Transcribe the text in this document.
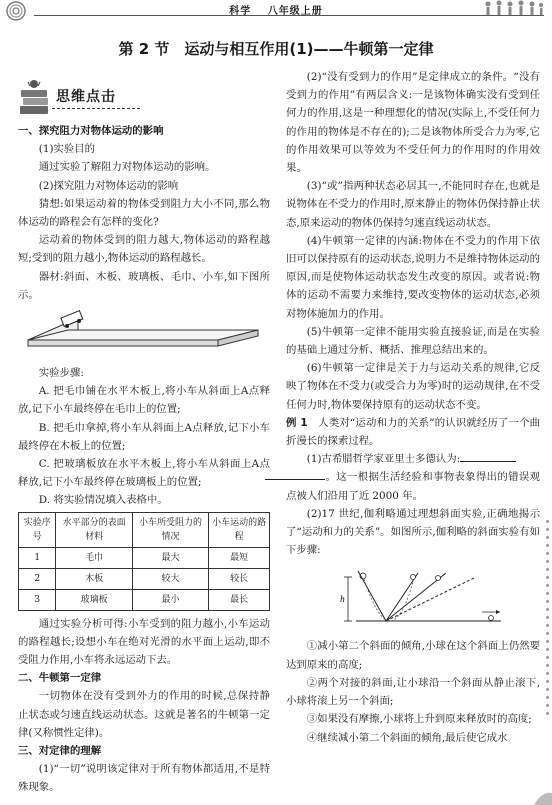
科学 八年级上册
第 2 节　运动与相互作用(1)——牛顿第一定律
思维点击

一、探究阻力对物体运动的影响

(1)实验目的

通过实验了解阻力对物体运动的影响。

(2)探究阻力对物体运动的影响

猜想:如果运动着的物体受到阻力大小不同,那么物体运动的路程会有怎样的变化?

运动着的物体受到的阻力越大,物体运动的路程越短;受到的阻力越小,物体运动的路程越长。

器材:斜面、木板、玻璃板、毛巾、小车,如下图所示。

实验步骤:

A. 把毛巾铺在水平木板上,将小车从斜面上A点释放,记下小车最终停在毛巾上的位置;

B. 把毛巾拿掉,将小车从斜面上A点释放,记下小车最终停在木板上的位置;

C. 把玻璃板放在水平木板上,将小车从斜面上A点释放,记下小车最终停在玻璃板上的位置;

D. 将实验情况填入表格中。

实验序号	水平部分的表面材料	小车所受阻力的情况	小车运动的路程
1	毛巾	最大	最短
2	木板	较大	较长
3	玻璃板	最小	最长

通过实验分析可得:小车受到的阻力越小,小车运动的路程越长;设想小车在绝对光滑的水平面上运动,即不受阻力作用,小车将永远运动下去。

二、牛顿第一定律

一切物体在没有受到外力的作用的时候,总保持静止状态或匀速直线运动状态。这就是著名的牛顿第一定律(又称惯性定律)。

三、对定律的理解

(1)“一切”说明该定律对于所有物体都适用,不是特殊现象。

(2)“没有受到力的作用”是定律成立的条件。“没有受到力的作用”有两层含义:一是该物体确实没有受到任何力的作用,这是一种理想化的情况(实际上,不受任何力的作用的物体是不存在的);二是该物体所受合力为零,它的作用效果可以等效为不受任何力的作用时的作用效果。

(3)“或”指两种状态必居其一,不能同时存在,也就是说物体在不受力的作用时,原来静止的物体仍保持静止状态,原来运动的物体仍保持匀速直线运动状态。

(4)牛顿第一定律的内涵:物体在不受力的作用下依旧可以保持原有的运动状态,说明力不是维持物体运动的原因,而是使物体运动状态发生改变的原因。或者说:物体的运动不需要力来维持,要改变物体的运动状态,必须对物体施加力的作用。

(5)牛顿第一定律不能用实验直接验证,而是在实验的基础上通过分析、概括、推理总结出来的。

(6)牛顿第一定律是关于力与运动关系的规律,它反映了物体在不受力(或受合力为零)时的运动规律,在不受任何力时,物体要保持原有的运动状态不变。

例 1　 人类对“运动和力的关系”的认识就经历了一个曲折漫长的探索过程。

(1)古希腊哲学家亚里士多德认为:
。这一根据生活经验和事物表象得出的错误观点被人们沿用了近 2000 年。

(2)17 世纪,伽利略通过理想斜面实验,正确地揭示了“运动和力的关系”。如图所示,伽利略的斜面实验有如下步骤:

h

①减小第二个斜面的倾角,小球在这个斜面上仍然要达到原来的高度;

②两个对接的斜面,让小球沿一个斜面从静止滚下,小球将滚上另一个斜面;

③如果没有摩擦,小球将上升到原来释放时的高度;

④继续减小第二个斜面的倾角,最后使它成水
